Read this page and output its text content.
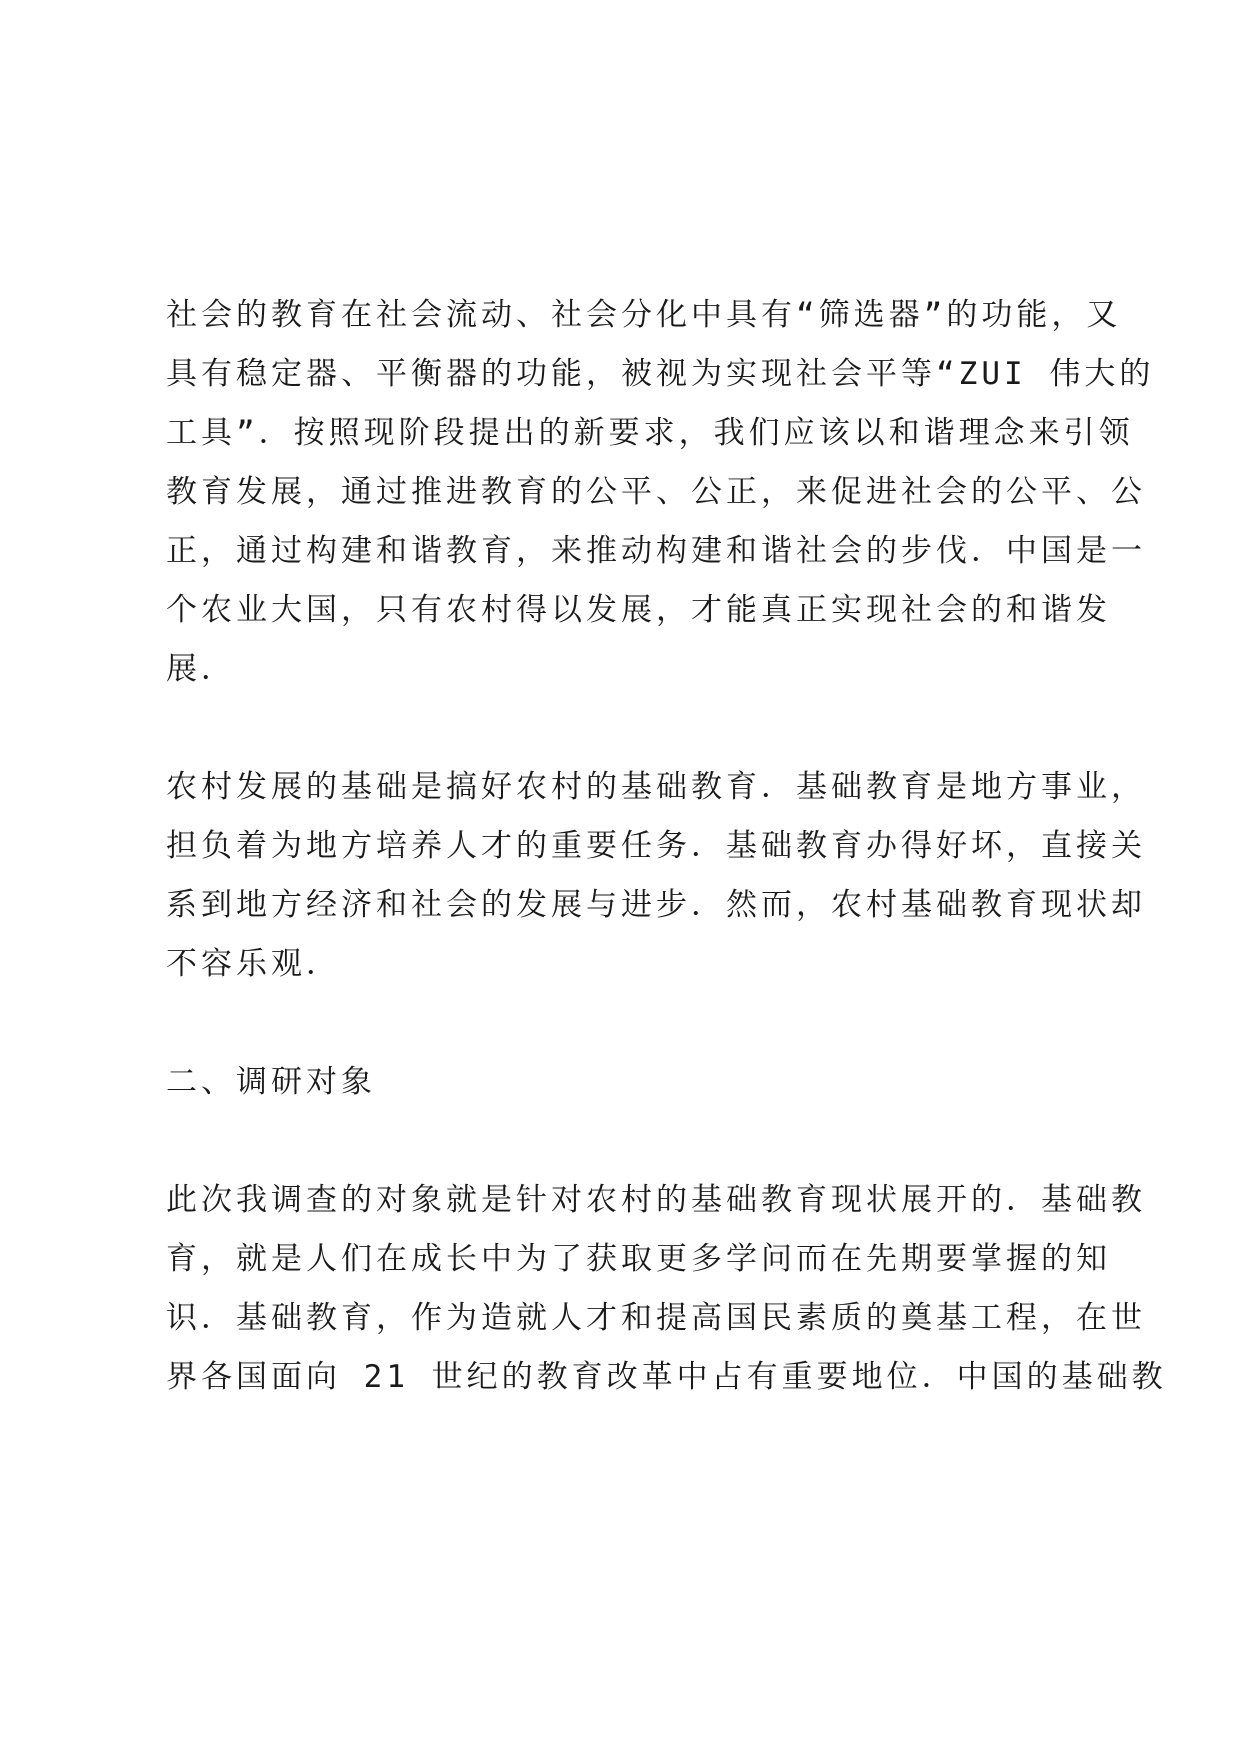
社会的教育在社会流动、社会分化中具有“筛选器”的功能，又
具有稳定器、平衡器的功能，被视为实现社会平等“ZUI 伟大的
工具”．按照现阶段提出的新要求，我们应该以和谐理念来引领
教育发展，通过推进教育的公平、公正，来促进社会的公平、公
正，通过构建和谐教育，来推动构建和谐社会的步伐．中国是一
个农业大国，只有农村得以发展，才能真正实现社会的和谐发
展．
农村发展的基础是搞好农村的基础教育．基础教育是地方事业，
担负着为地方培养人才的重要任务．基础教育办得好坏，直接关
系到地方经济和社会的发展与进步．然而，农村基础教育现状却
不容乐观．
二、调研对象
此次我调查的对象就是针对农村的基础教育现状展开的．基础教
育，就是人们在成长中为了获取更多学问而在先期要掌握的知
识．基础教育，作为造就人才和提高国民素质的奠基工程，在世
界各国面向 21 世纪的教育改革中占有重要地位．中国的基础教
